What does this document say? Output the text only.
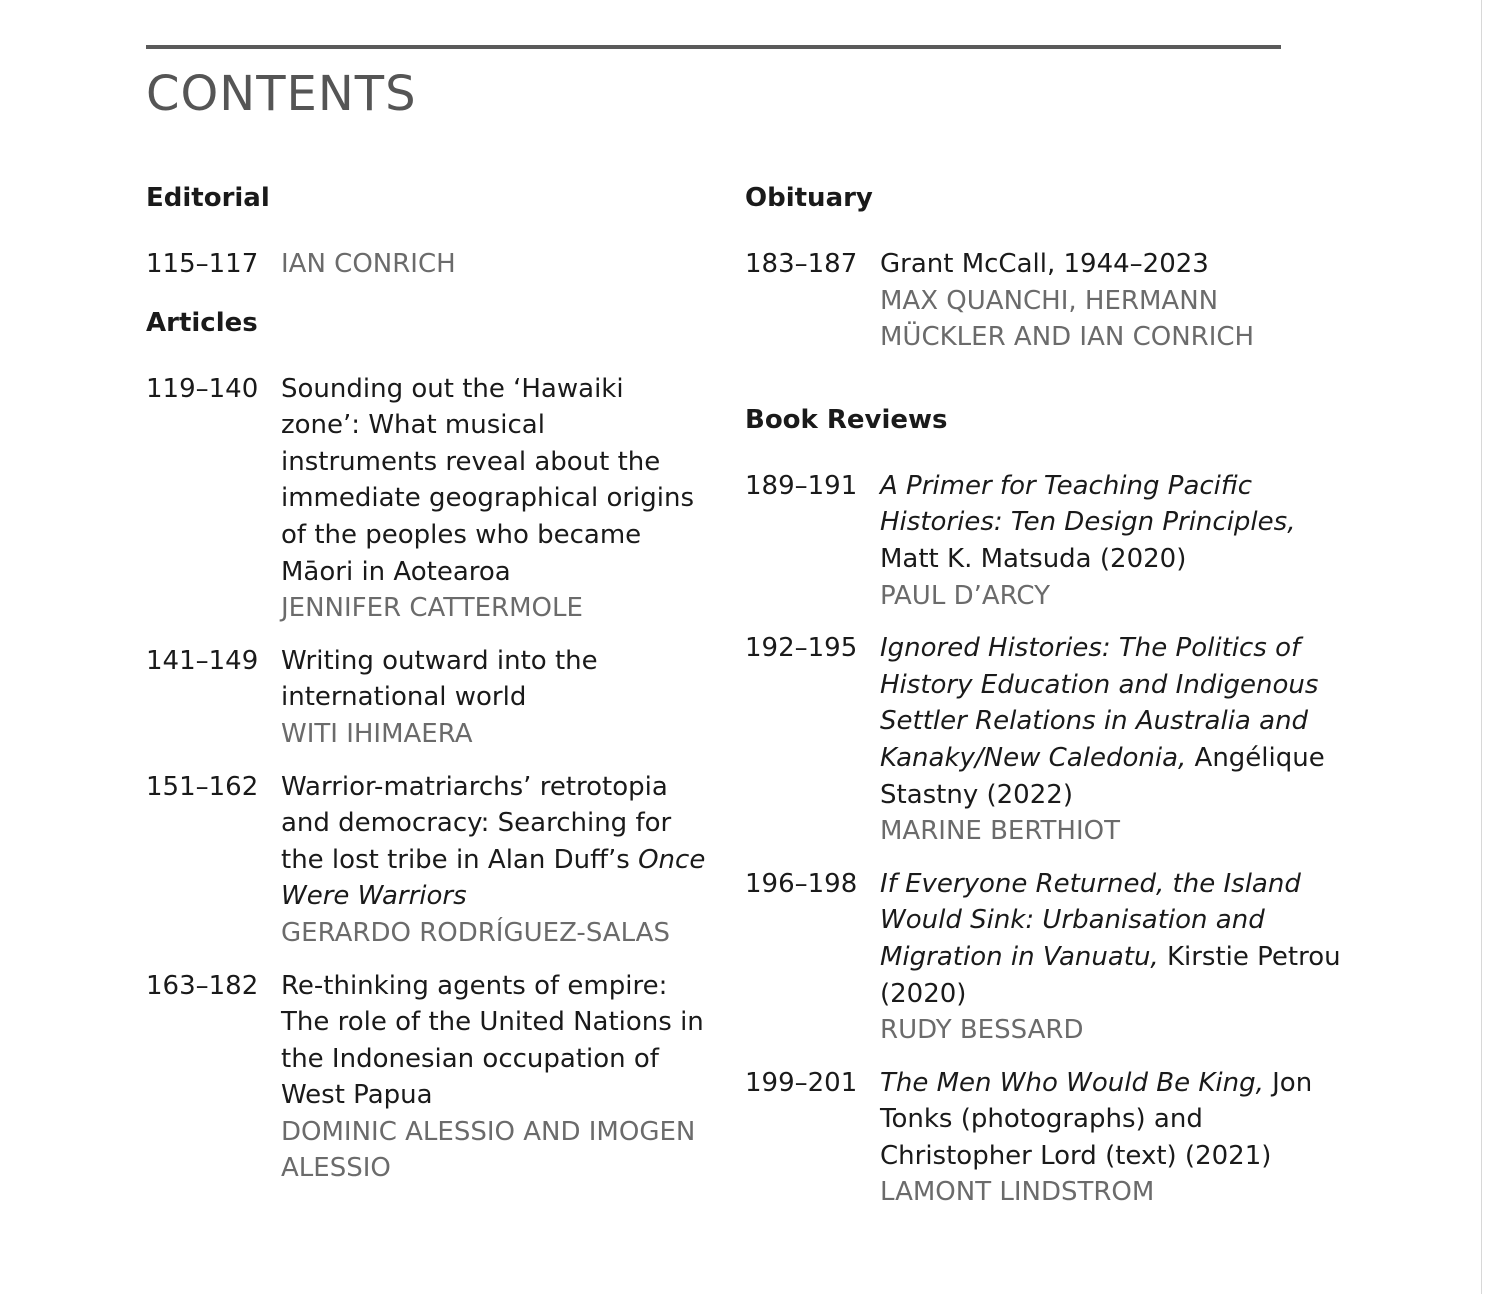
CONTENTS
Editorial
115–117 IAN CONRICH
Articles
119–140 Sounding out the ‘Hawaiki zone’: What musical instruments reveal about the immediate geographical origins of the peoples who became Māori in Aotearoa
JENNIFER CATTERMOLE
141–149 Writing outward into the international world
WITI IHIMAERA
151–162 Warrior-matriarchs’ retrotopia and democracy: Searching for the lost tribe in Alan Duff’s Once Were Warriors
GERARDO RODRÍGUEZ-SALAS
163–182 Re-thinking agents of empire: The role of the United Nations in the Indonesian occupation of West Papua
DOMINIC ALESSIO AND IMOGEN ALESSIO
Obituary
183–187 Grant McCall, 1944–2023
MAX QUANCHI, HERMANN MÜCKLER AND IAN CONRICH
Book Reviews
189–191 A Primer for Teaching Pacific Histories: Ten Design Principles, Matt K. Matsuda (2020)
PAUL D’ARCY
192–195 Ignored Histories: The Politics of History Education and Indigenous Settler Relations in Australia and Kanaky/New Caledonia, Angélique Stastny (2022)
MARINE BERTHIOT
196–198 If Everyone Returned, the Island Would Sink: Urbanisation and Migration in Vanuatu, Kirstie Petrou (2020)
RUDY BESSARD
199–201 The Men Who Would Be King, Jon Tonks (photographs) and Christopher Lord (text) (2021)
LAMONT LINDSTROM
